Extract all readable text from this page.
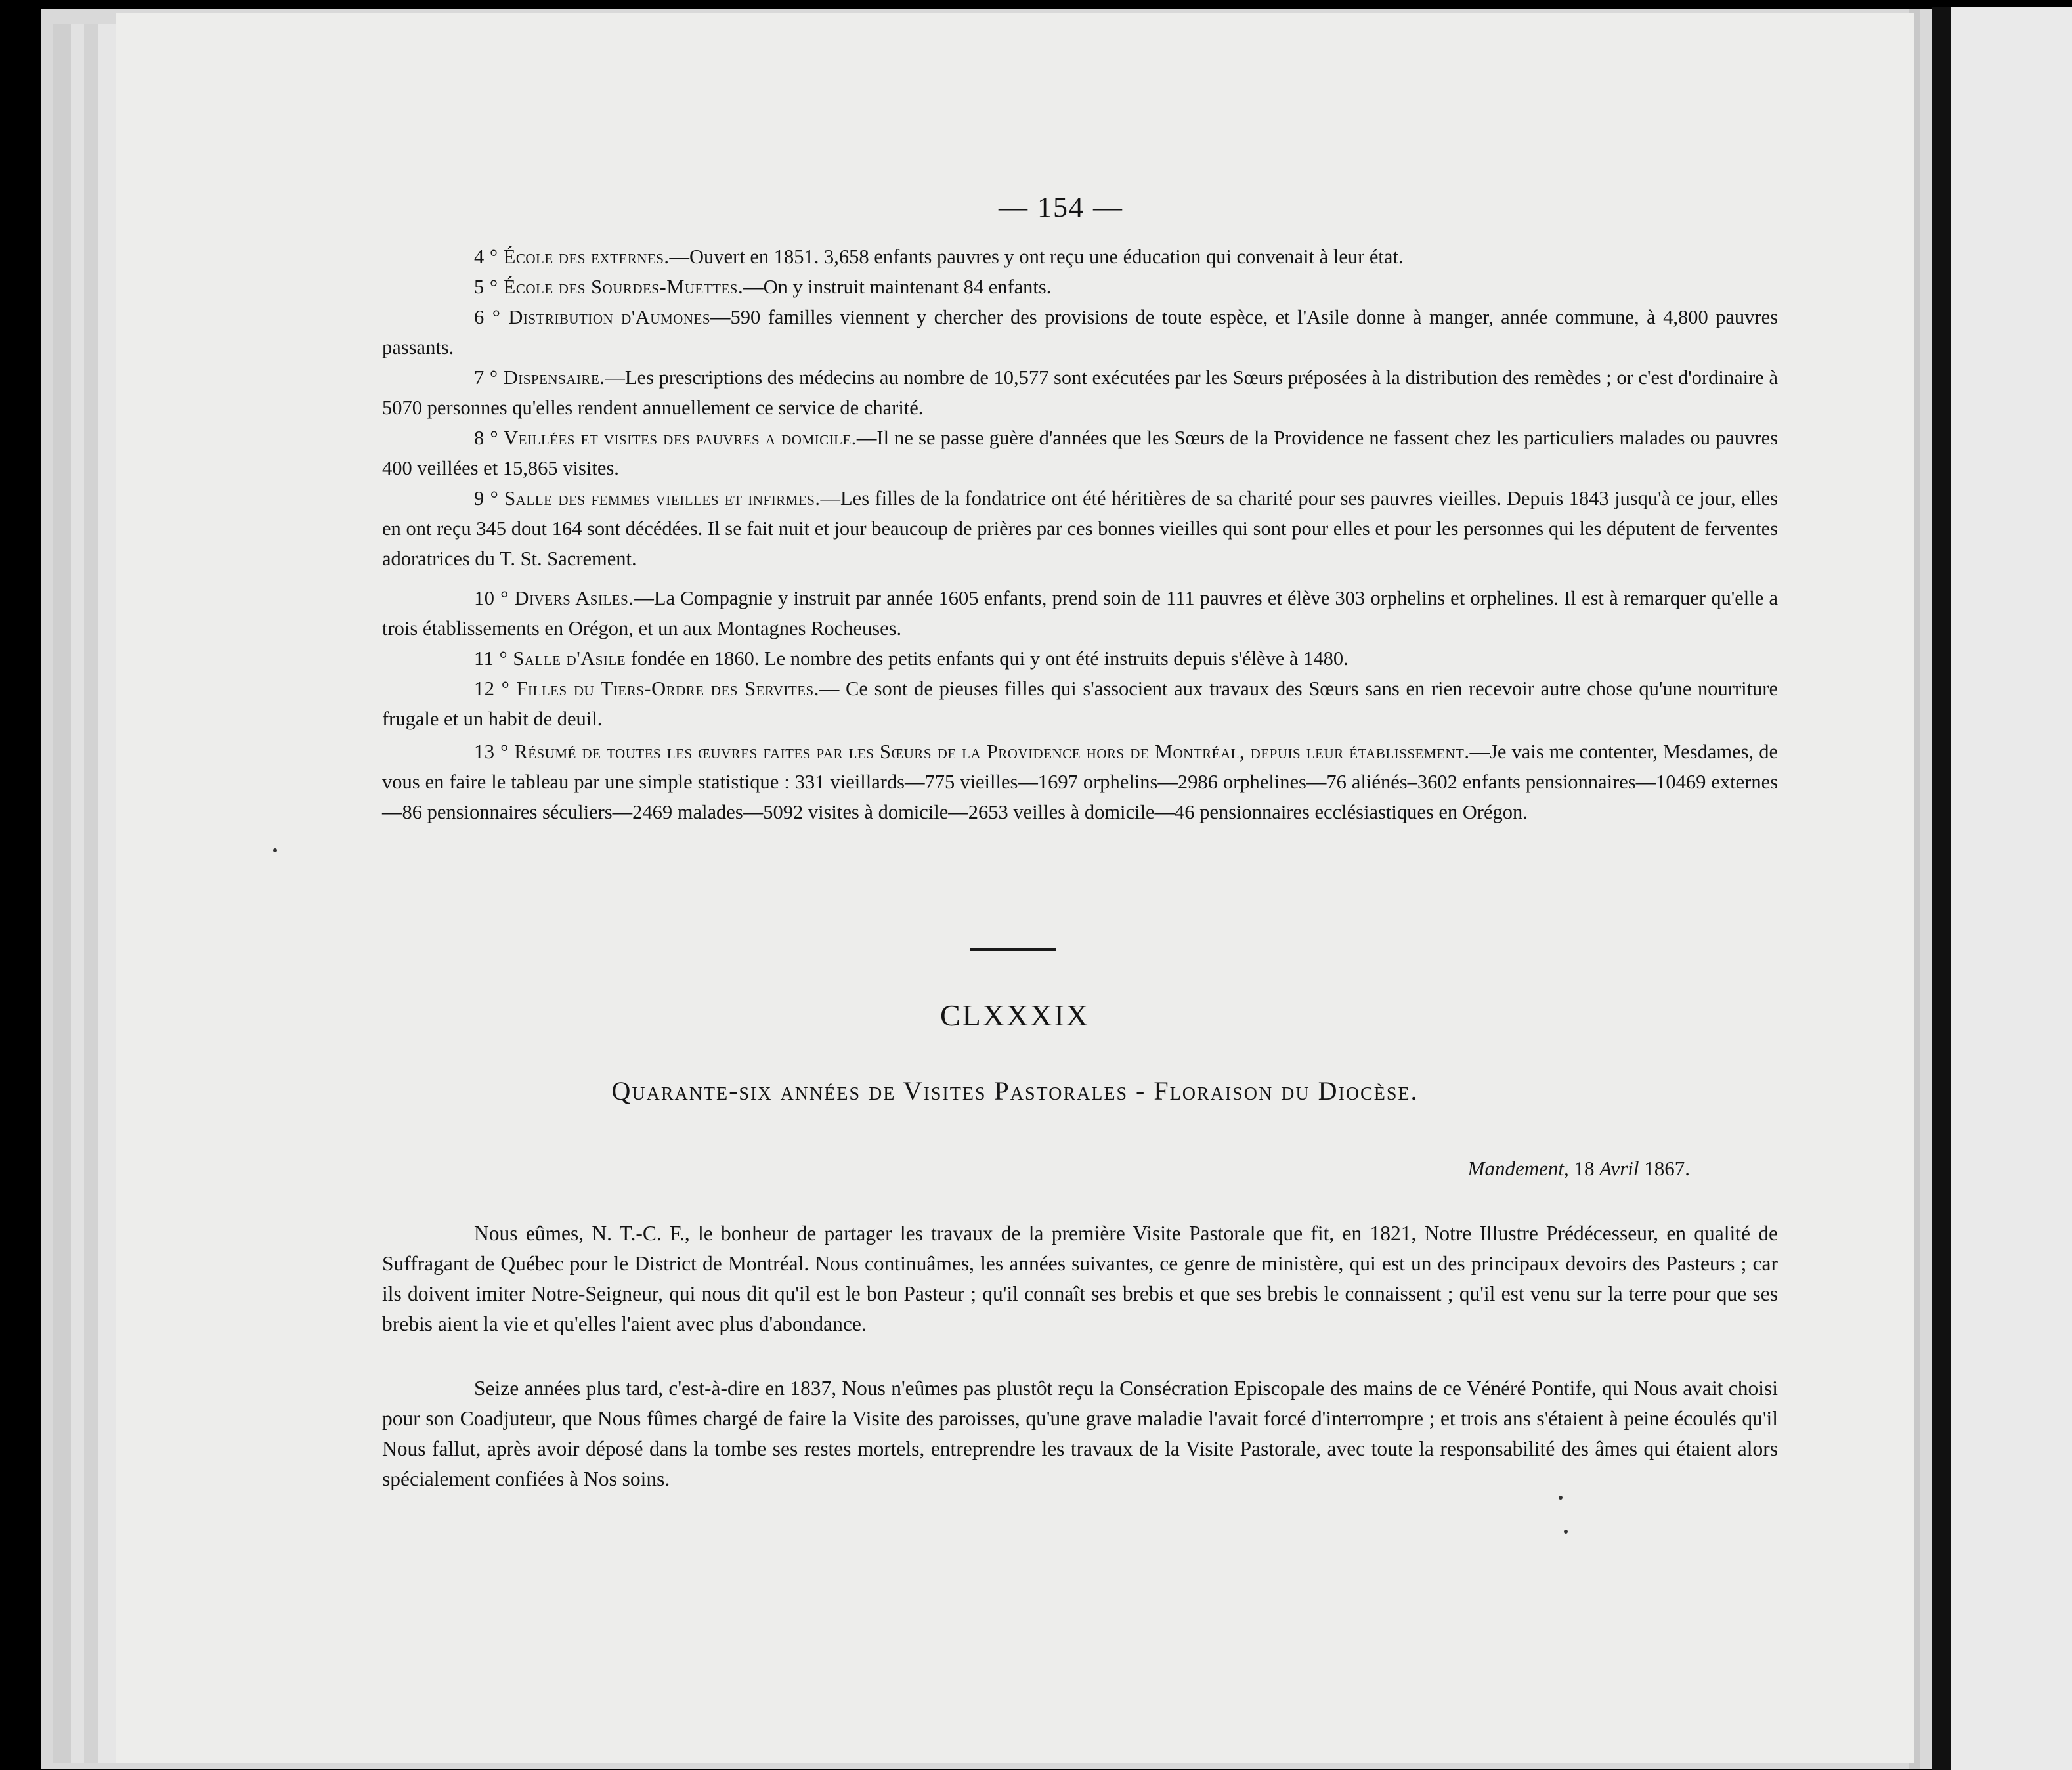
— 154 —

4 ° École des externes.—Ouvert en 1851. 3,658 enfants pauvres y ont reçu une éducation qui convenait à leur état.

5 ° École des Sourdes-Muettes.—On y instruit maintenant 84 enfants.

6 ° Distribution d'Aumones—590 familles viennent y chercher des provisions de toute espèce, et l'Asile donne à manger, année commune, à 4,800 pauvres passants.

7 ° Dispensaire.—Les prescriptions des médecins au nombre de 10,577 sont exécutées par les Sœurs préposées à la distribution des remèdes ; or c'est d'ordinaire à 5070 personnes qu'elles rendent annuellement ce service de charité.

8 ° Veillées et visites des pauvres a domicile.—Il ne se passe guère d'années que les Sœurs de la Providence ne fassent chez les particuliers malades ou pauvres 400 veillées et 15,865 visites.

9 ° Salle des femmes vieilles et infirmes.—Les filles de la fondatrice ont été héritières de sa charité pour ses pauvres vieilles. Depuis 1843 jusqu'à ce jour, elles en ont reçu 345 dout 164 sont décédées. Il se fait nuit et jour beaucoup de prières par ces bonnes vieilles qui sont pour elles et pour les personnes qui les députent de ferventes adoratrices du T. St. Sacrement.

10 ° Divers Asiles.—La Compagnie y instruit par année 1605 enfants, prend soin de 111 pauvres et élève 303 orphelins et orphelines. Il est à remarquer qu'elle a trois établissements en Orégon, et un aux Montagnes Rocheuses.

11 ° Salle d'Asile fondée en 1860. Le nombre des petits enfants qui y ont été instruits depuis s'élève à 1480.

12 ° Filles du Tiers-Ordre des Servites.— Ce sont de pieuses filles qui s'associent aux travaux des Sœurs sans en rien recevoir autre chose qu'une nourriture frugale et un habit de deuil.

13 ° Résumé de toutes les œuvres faites par les Sœurs de la Providence hors de Montréal, depuis leur établissement.—Je vais me contenter, Mesdames, de vous en faire le tableau par une simple statistique : 331 vieillards—775 vieilles—1697 orphelins—2986 orphelines—76 aliénés–3602 enfants pensionnaires—10469 externes—86 pensionnaires séculiers—2469 malades—5092 visites à domicile—2653 veilles à domicile—46 pensionnaires ecclésiastiques en Orégon.

CLXXXIX
Quarante-six années de Visites Pastorales - Floraison du Diocèse.
Mandement, 18 Avril 1867.

Nous eûmes, N. T.-C. F., le bonheur de partager les travaux de la première Visite Pastorale que fit, en 1821, Notre Illustre Prédécesseur, en qualité de Suffragant de Québec pour le District de Montréal. Nous continuâmes, les années suivantes, ce genre de ministère, qui est un des principaux devoirs des Pasteurs ; car ils doivent imiter Notre-Seigneur, qui nous dit qu'il est le bon Pasteur ; qu'il connaît ses brebis et que ses brebis le connaissent ; qu'il est venu sur la terre pour que ses brebis aient la vie et qu'elles l'aient avec plus d'abondance.

Seize années plus tard, c'est-à-dire en 1837, Nous n'eûmes pas plustôt reçu la Consécration Episcopale des mains de ce Vénéré Pontife, qui Nous avait choisi pour son Coadjuteur, que Nous fûmes chargé de faire la Visite des paroisses, qu'une grave maladie l'avait forcé d'interrompre ; et trois ans s'étaient à peine écoulés qu'il Nous fallut, après avoir déposé dans la tombe ses restes mortels, entreprendre les travaux de la Visite Pastorale, avec toute la responsabilité des âmes qui étaient alors spécialement confiées à Nos soins.
